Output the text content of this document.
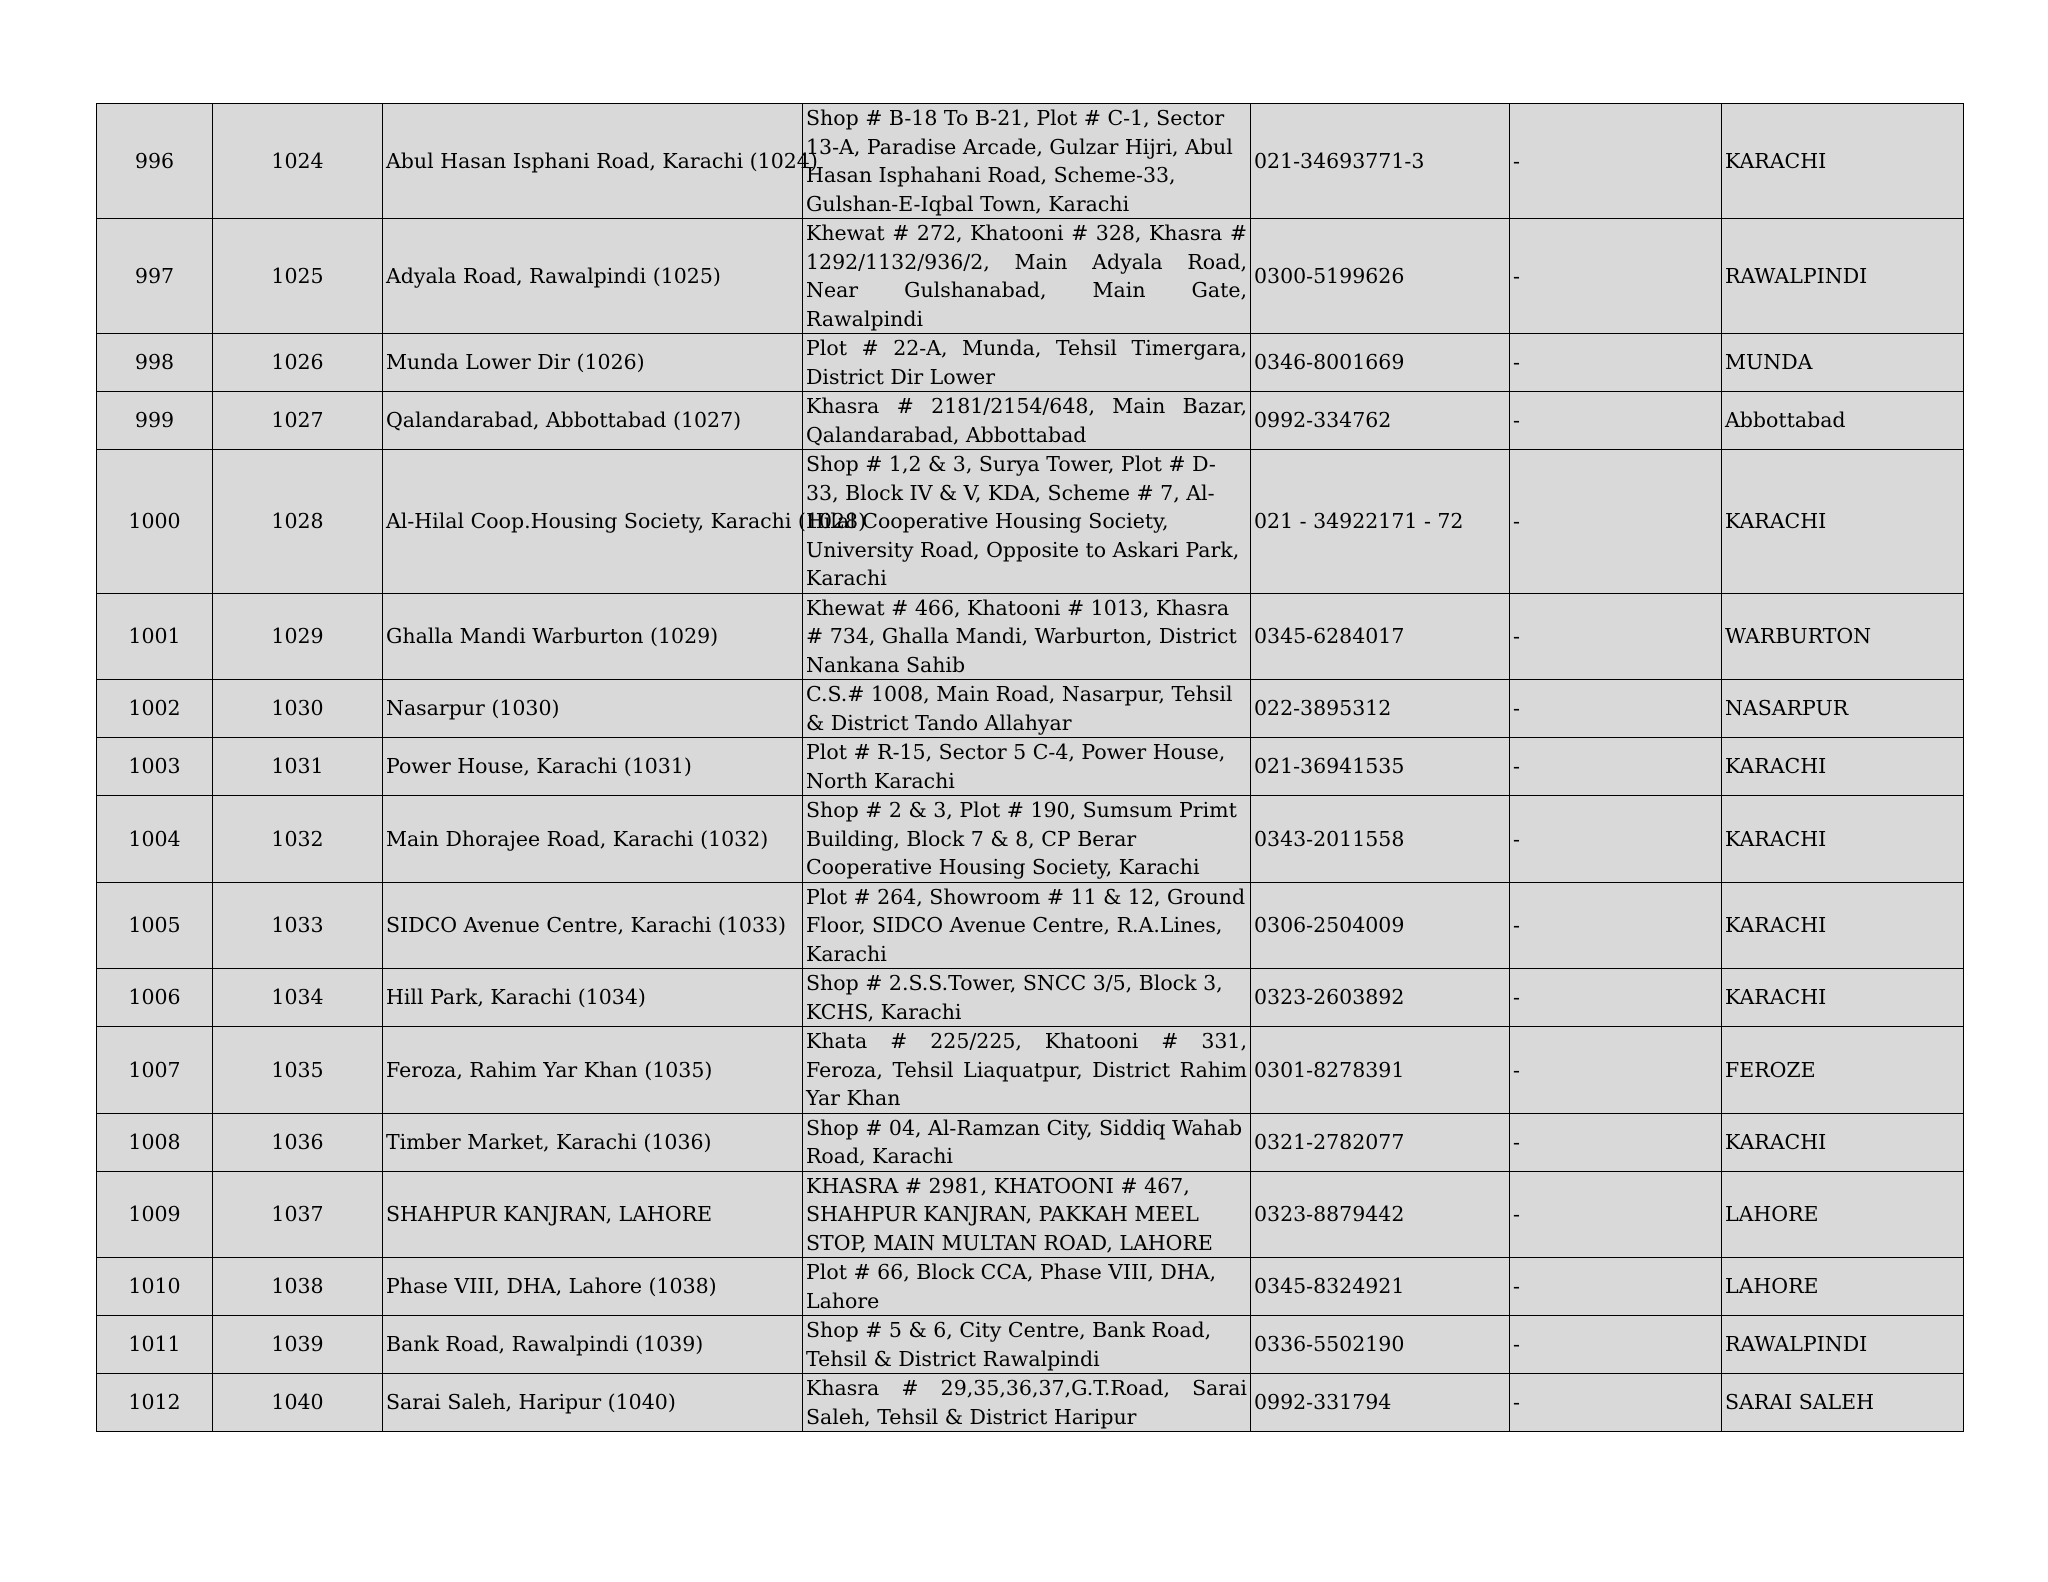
996	1024	Abul Hasan Isphani Road, Karachi (1024)	Shop # B-18 To B-21, Plot # C-1, Sector 13-A, Paradise Arcade, Gulzar Hijri, Abul Hasan Isphahani Road, Scheme-33, Gulshan-E-Iqbal Town, Karachi	021-34693771-3	-	KARACHI
997	1025	Adyala Road, Rawalpindi (1025)	Khewat # 272, Khatooni # 328, Khasra # 1292/1132/936/2, Main Adyala Road, Near Gulshanabad, Main Gate, Rawalpindi	0300-5199626	-	RAWALPINDI
998	1026	Munda Lower Dir (1026)	Plot # 22-A, Munda, Tehsil Timergara, District Dir Lower	0346-8001669	-	MUNDA
999	1027	Qalandarabad, Abbottabad (1027)	Khasra # 2181/2154/648, Main Bazar, Qalandarabad, Abbottabad	0992-334762	-	Abbottabad
1000	1028	Al-Hilal Coop.Housing Society, Karachi (1028)	Shop # 1,2 & 3, Surya Tower, Plot # D-33, Block IV & V, KDA, Scheme # 7, Al-Hilal Cooperative Housing Society, University Road, Opposite to Askari Park, Karachi	021 - 34922171 - 72	-	KARACHI
1001	1029	Ghalla Mandi Warburton (1029)	Khewat # 466, Khatooni # 1013, Khasra # 734, Ghalla Mandi, Warburton, District Nankana Sahib	0345-6284017	-	WARBURTON
1002	1030	Nasarpur (1030)	C.S.# 1008, Main Road, Nasarpur, Tehsil & District Tando Allahyar	022-3895312	-	NASARPUR
1003	1031	Power House, Karachi (1031)	Plot # R-15, Sector 5 C-4, Power House, North Karachi	021-36941535	-	KARACHI
1004	1032	Main Dhorajee Road, Karachi (1032)	Shop # 2 & 3, Plot # 190, Sumsum Primt Building, Block 7 & 8, CP Berar Cooperative Housing Society, Karachi	0343-2011558	-	KARACHI
1005	1033	SIDCO Avenue Centre, Karachi (1033)	Plot # 264, Showroom # 11 & 12, Ground Floor, SIDCO Avenue Centre, R.A.Lines, Karachi	0306-2504009	-	KARACHI
1006	1034	Hill Park, Karachi (1034)	Shop # 2.S.S.Tower, SNCC 3/5, Block 3, KCHS, Karachi	0323-2603892	-	KARACHI
1007	1035	Feroza, Rahim Yar Khan (1035)	Khata # 225/225, Khatooni # 331, Feroza, Tehsil Liaquatpur, District Rahim Yar Khan	0301-8278391	-	FEROZE
1008	1036	Timber Market, Karachi (1036)	Shop # 04, Al-Ramzan City, Siddiq Wahab Road, Karachi	0321-2782077	-	KARACHI
1009	1037	SHAHPUR KANJRAN, LAHORE	KHASRA # 2981, KHATOONI # 467, SHAHPUR KANJRAN, PAKKAH MEEL STOP, MAIN MULTAN ROAD, LAHORE	0323-8879442	-	LAHORE
1010	1038	Phase VIII, DHA, Lahore (1038)	Plot # 66, Block CCA, Phase VIII, DHA, Lahore	0345-8324921	-	LAHORE
1011	1039	Bank Road, Rawalpindi (1039)	Shop # 5 & 6, City Centre, Bank Road, Tehsil & District Rawalpindi	0336-5502190	-	RAWALPINDI
1012	1040	Sarai Saleh, Haripur (1040)	Khasra # 29,35,36,37,G.T.Road, Sarai Saleh, Tehsil & District Haripur	0992-331794	-	SARAI SALEH
